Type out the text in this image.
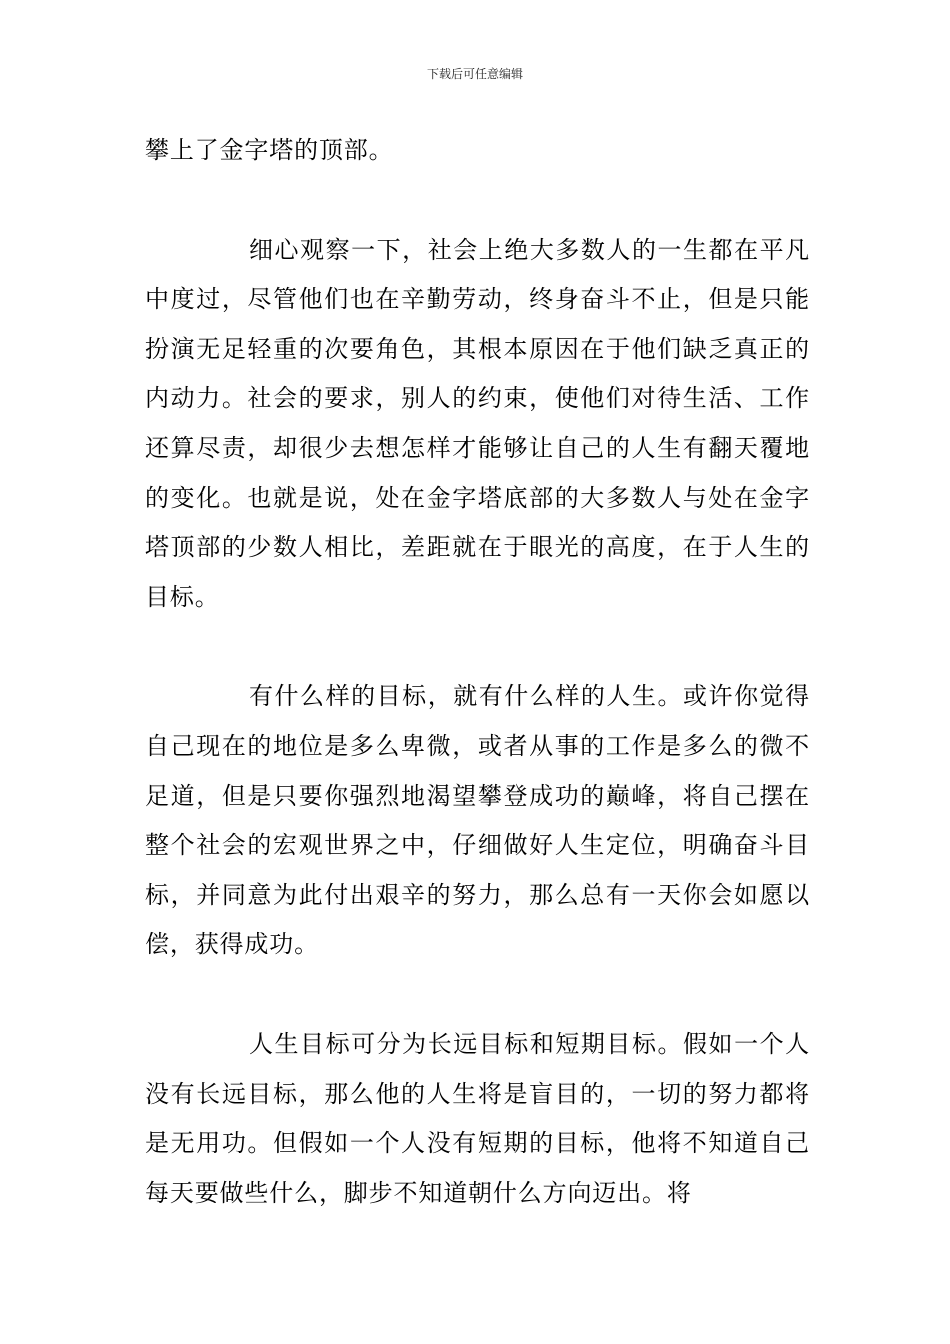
下载后可任意编辑

攀上了金字塔的顶部。

细心观察一下，社会上绝大多数人的一生都在平凡中度过，尽管他们也在辛勤劳动，终身奋斗不止，但是只能扮演无足轻重的次要角色，其根本原因在于他们缺乏真正的内动力。社会的要求，别人的约束，使他们对待生活、工作还算尽责，却很少去想怎样才能够让自己的人生有翻天覆地的变化。也就是说，处在金字塔底部的大多数人与处在金字塔顶部的少数人相比，差距就在于眼光的高度，在于人生的目标。

有什么样的目标，就有什么样的人生。或许你觉得自己现在的地位是多么卑微，或者从事的工作是多么的微不足道，但是只要你强烈地渴望攀登成功的巅峰，将自己摆在整个社会的宏观世界之中，仔细做好人生定位，明确奋斗目标，并同意为此付出艰辛的努力，那么总有一天你会如愿以偿，获得成功。

人生目标可分为长远目标和短期目标。假如一个人没有长远目标，那么他的人生将是盲目的，一切的努力都将是无用功。但假如一个人没有短期的目标，他将不知道自己每天要做些什么，脚步不知道朝什么方向迈出。将
